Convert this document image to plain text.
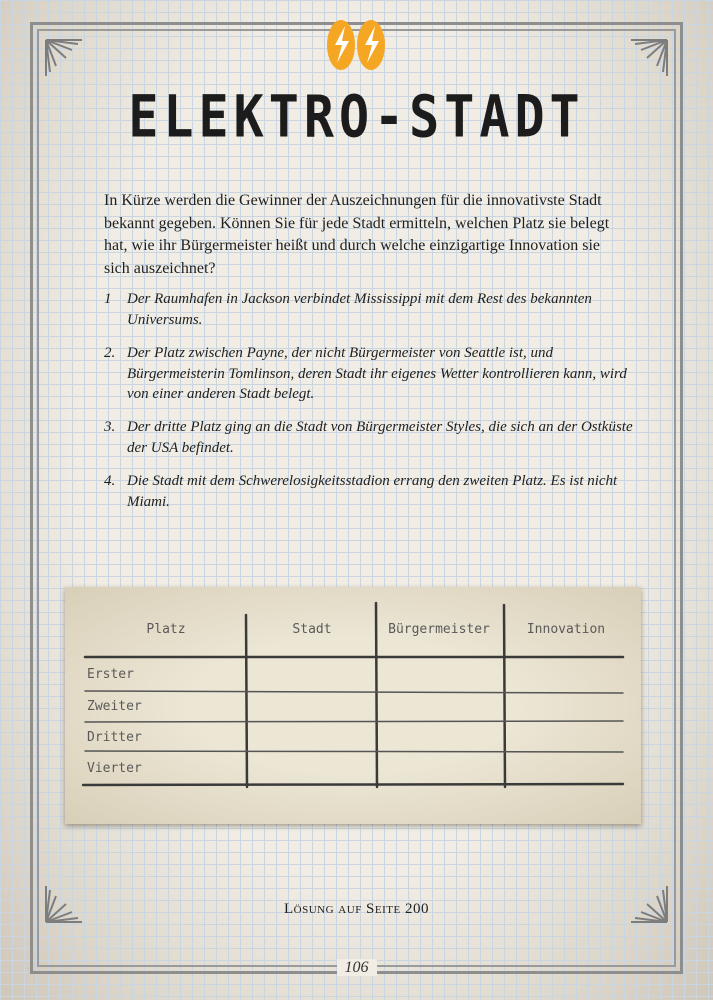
ELEKTRO-STADT
In Kürze werden die Gewinner der Auszeichnungen für die innovativste Stadt bekannt gegeben. Können Sie für jede Stadt ermitteln, welchen Platz sie belegt hat, wie ihr Bürgermeister heißt und durch welche einzigartige Innovation sie sich auszeichnet?
1 Der Raumhafen in Jackson verbindet Mississippi mit dem Rest des bekannten Universums.
2. Der Platz zwischen Payne, der nicht Bürgermeister von Seattle ist, und Bürgermeisterin Tomlinson, deren Stadt ihr eigenes Wetter kontrollieren kann, wird von einer anderen Stadt belegt.
3. Der dritte Platz ging an die Stadt von Bürgermeister Styles, die sich an der Ostküste der USA befindet.
4. Die Stadt mit dem Schwerelosigkeitsstadion errang den zweiten Platz. Es ist nicht Miami.
Platz	Stadt	Bürgermeister	Innovation
Erster
Zweiter
Dritter
Vierter
Lösung auf Seite 200
106
